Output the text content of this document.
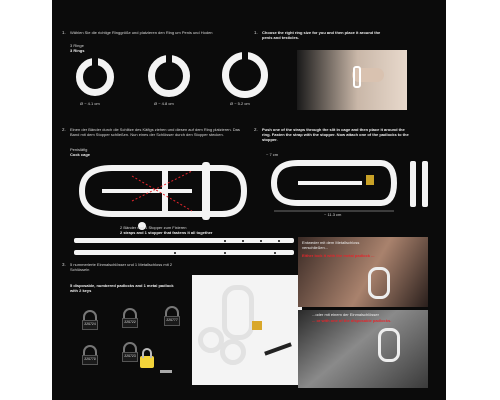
1. Wählen Sie die richtige Ringgröße und platzieren den Ring um Penis und Hoden	1. Choose the right ring size for you and then place it around the penis and testicles.
3 Ringe
3 Rings
Ø ~ 4.1 cm	Ø ~ 4.8 cm	Ø ~ 5.2 cm
2. Einen der Bänder durch die Schlitze des Käfigs ziehen und diesen auf dem Ring platzieren. Das Band mit dem Stopper schließen. Nun eines der Schlösser durch den Stopper stecken.
2. Push one of the straps through the slit in cage and then place it around the ring. Fasten the strap with the stopper. Now attach one of the padlocks to the stopper.
Penisläfig
Cock cage
2 Bänder und 1 Stopper zum Fixieren
2 straps and 1 stopper that fastens it all together
~ 7 cm
~ 11.3 cm
3. 5 nummerierte Einmalschlösser und 1 Metallschloss mit 2 Schlüsseln
5 disposable, numbered padlocks and 1 metal padlock with 2 keys
229724	229722	229777
229779
229723
Entweder mit dem Metallschloss verschließen...
Either lock it with the metal padlock ...
...oder mit einem der Einmalschlösser
... or with one of the disposable padlocks.
